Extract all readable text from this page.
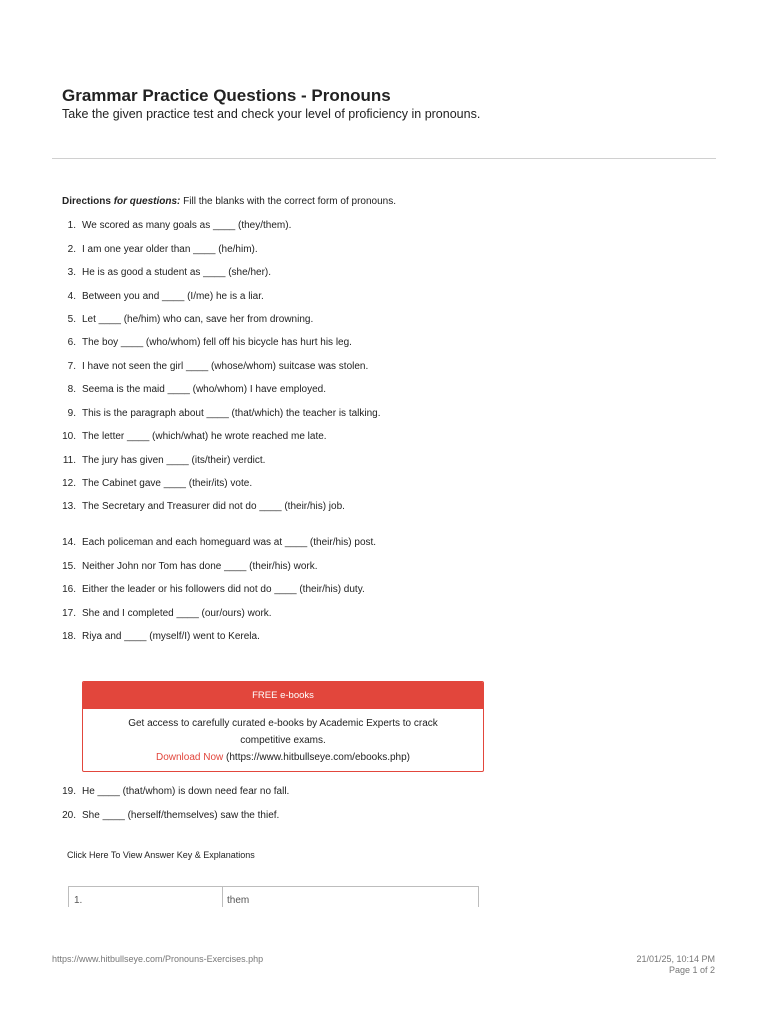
Grammar Practice Questions - Pronouns
Take the given practice test and check your level of proficiency in pronouns.
Directions for questions: Fill the blanks with the correct form of pronouns.
1. We scored as many goals as ____ (they/them).
2. I am one year older than ____ (he/him).
3. He is as good a student as ____ (she/her).
4. Between you and ____ (I/me) he is a liar.
5. Let ____ (he/him) who can, save her from drowning.
6. The boy ____ (who/whom) fell off his bicycle has hurt his leg.
7. I have not seen the girl ____ (whose/whom) suitcase was stolen.
8. Seema is the maid ____ (who/whom) I have employed.
9. This is the paragraph about ____ (that/which) the teacher is talking.
10. The letter ____ (which/what) he wrote reached me late.
11. The jury has given ____ (its/their) verdict.
12. The Cabinet gave ____ (their/its) vote.
13. The Secretary and Treasurer did not do ____ (their/his) job.
14. Each policeman and each homeguard was at ____ (their/his) post.
15. Neither John nor Tom has done ____ (their/his) work.
16. Either the leader or his followers did not do ____ (their/his) duty.
17. She and I completed ____ (our/ours) work.
18. Riya and ____ (myself/I) went to Kerela.
FREE e-books
Get access to carefully curated e-books by Academic Experts to crack
competitive exams.
Download Now (https://www.hitbullseye.com/ebooks.php)
19. He ____ (that/whom) is down need fear no fall.
20. She ____ (herself/themselves) saw the thief.
Click Here To View Answer Key & Explanations
1.	them
https://www.hitbullseye.com/Pronouns-Exercises.php	21/01/25, 10:14 PM
Page 1 of 2
